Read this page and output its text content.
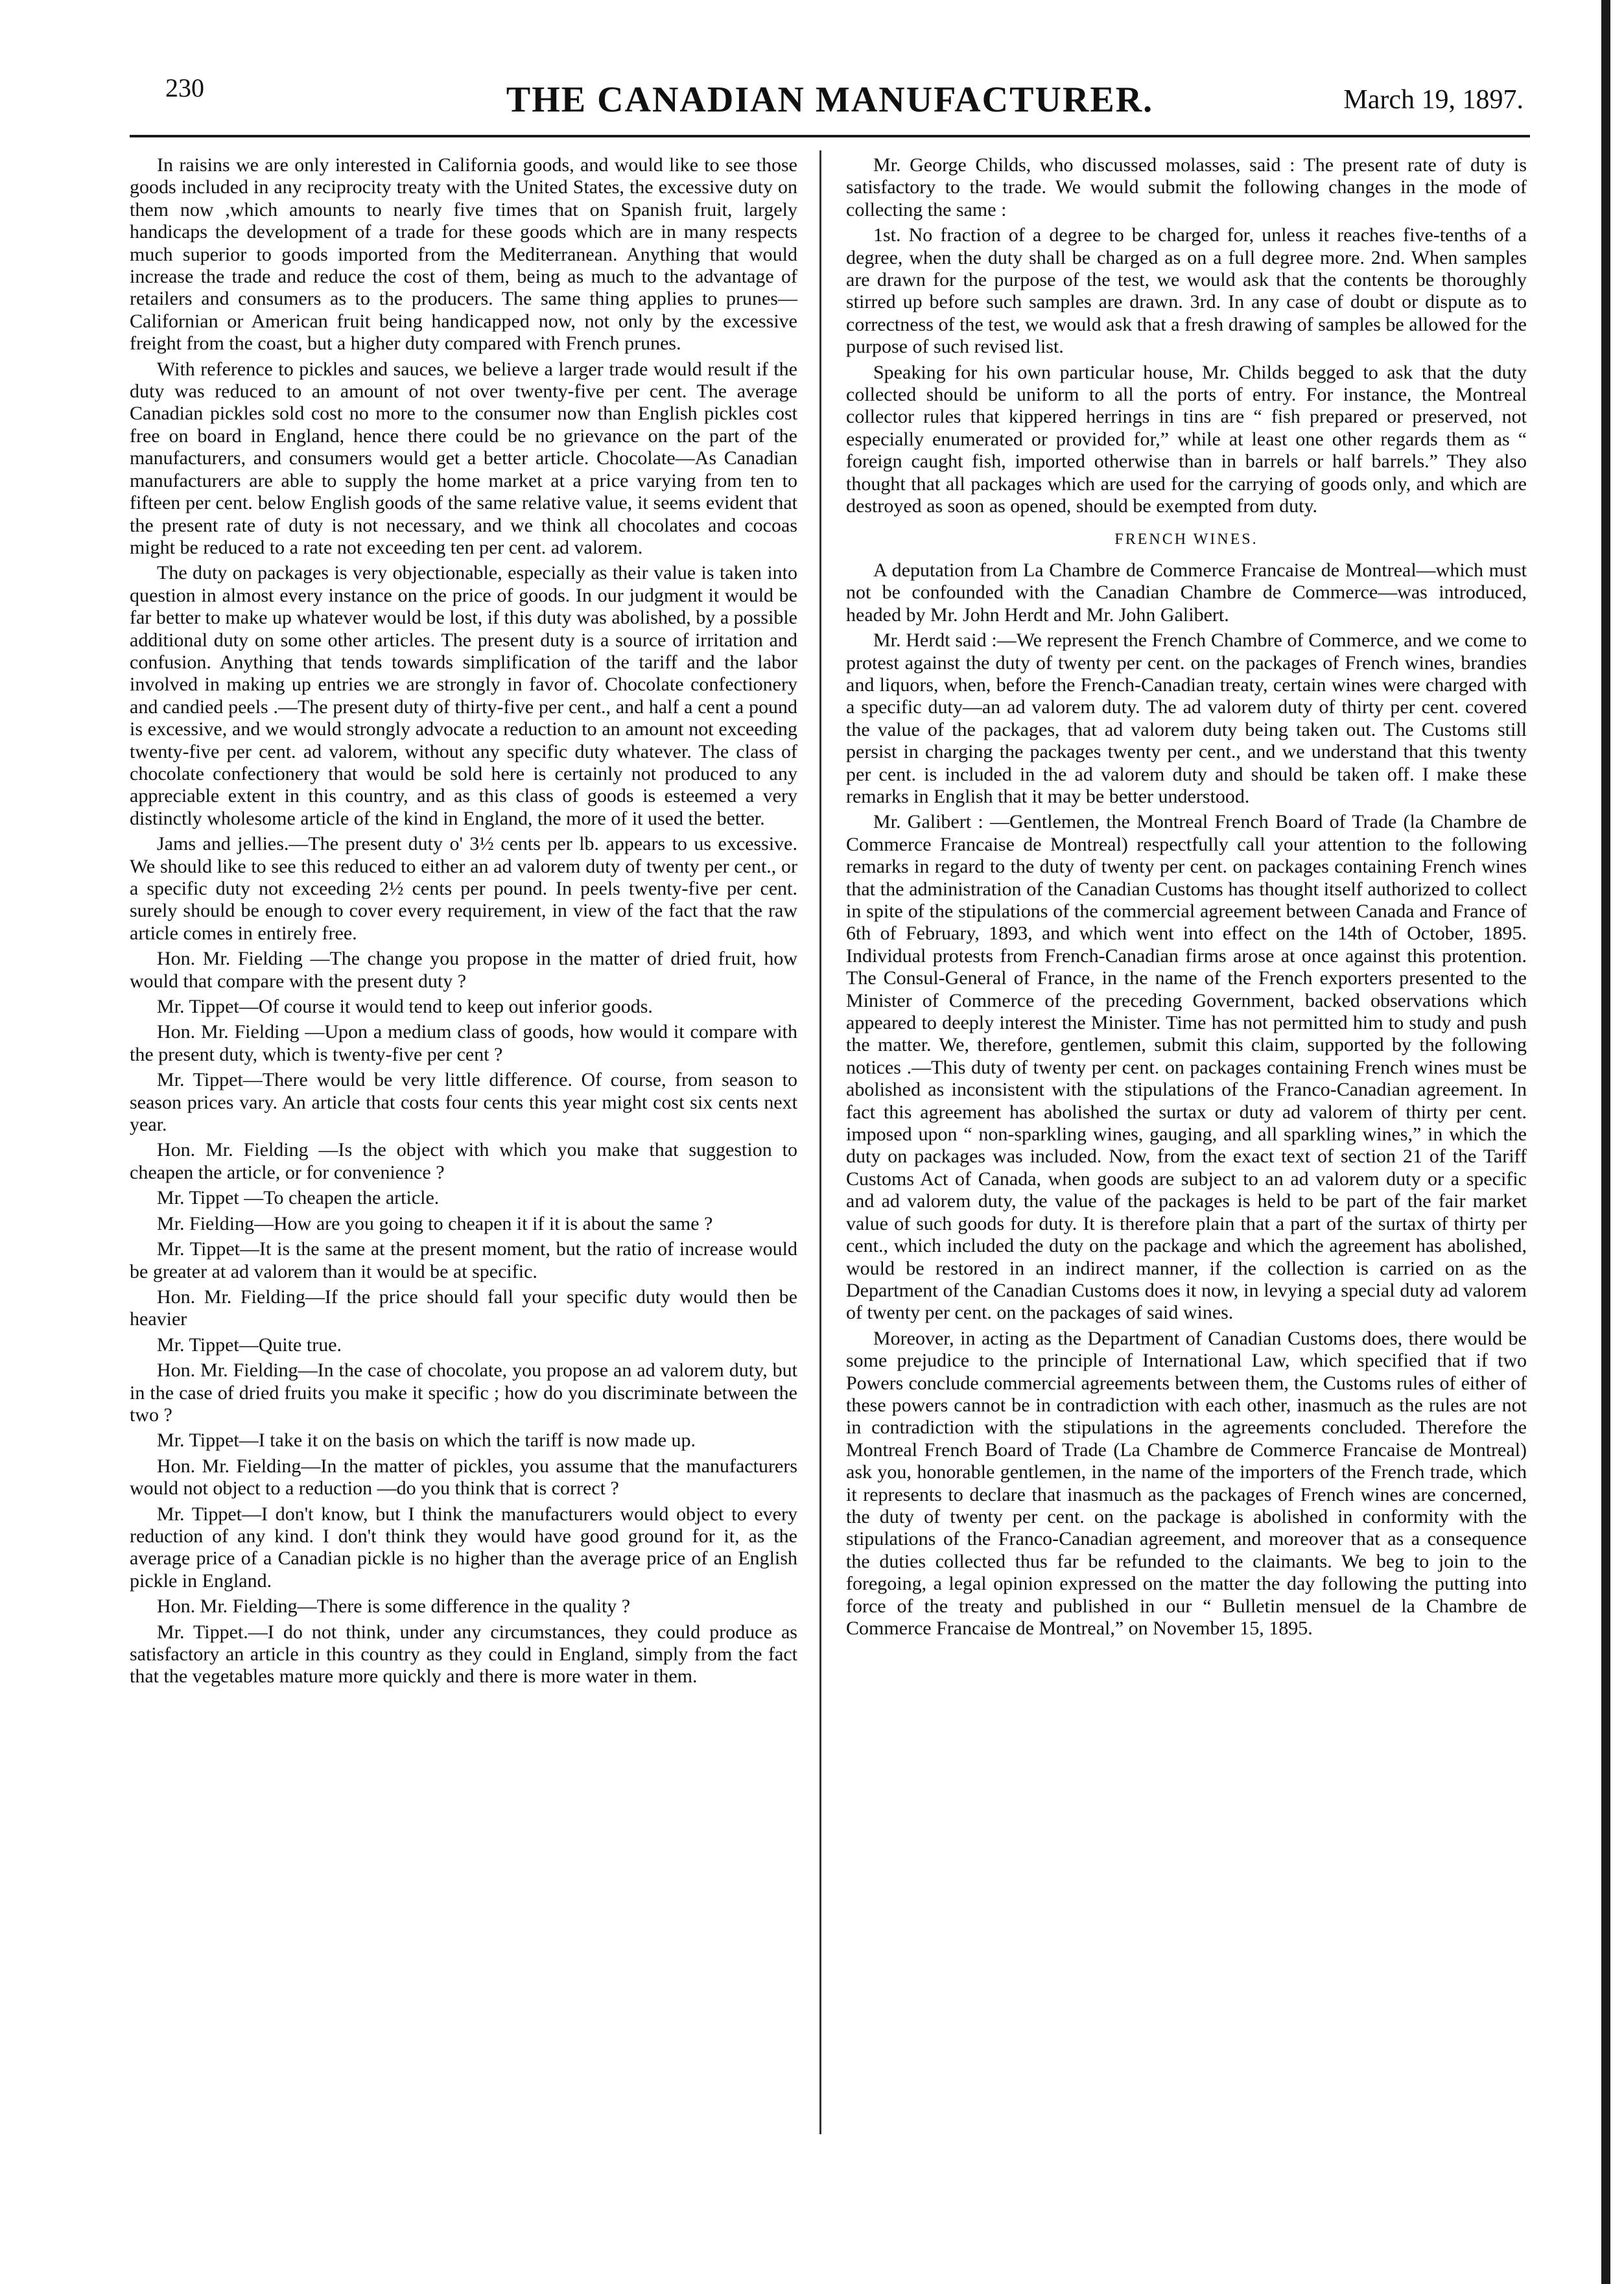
230	THE CANADIAN MANUFACTURER.	March 19, 1897.

In raisins we are only interested in California goods, and would like to see those goods included in any reciprocity treaty with the United States, the excessive duty on them now ,which amounts to nearly five times that on Spanish fruit, largely handicaps the development of a trade for these goods which are in many respects much superior to goods imported from the Mediterranean. Anything that would increase the trade and reduce the cost of them, being as much to the advantage of retailers and consumers as to the producers. The same thing applies to prunes—Californian or American fruit being handicapped now, not only by the excessive freight from the coast, but a higher duty compared with French prunes.

With reference to pickles and sauces, we believe a larger trade would result if the duty was reduced to an amount of not over twenty-five per cent. The average Canadian pickles sold cost no more to the consumer now than English pickles cost free on board in England, hence there could be no grievance on the part of the manufacturers, and consumers would get a better article. Chocolate—As Canadian manufacturers are able to supply the home market at a price varying from ten to fifteen per cent. below English goods of the same relative value, it seems evident that the present rate of duty is not necessary, and we think all chocolates and cocoas might be reduced to a rate not exceeding ten per cent. ad valorem.

The duty on packages is very objectionable, especially as their value is taken into question in almost every instance on the price of goods. In our judgment it would be far better to make up whatever would be lost, if this duty was abolished, by a possible additional duty on some other articles. The present duty is a source of irritation and confusion. Anything that tends towards simplification of the tariff and the labor involved in making up entries we are strongly in favor of. Chocolate confectionery and candied peels .—The present duty of thirty-five per cent., and half a cent a pound is excessive, and we would strongly advocate a reduction to an amount not exceeding twenty-five per cent. ad valorem, without any specific duty whatever. The class of chocolate confectionery that would be sold here is certainly not produced to any appreciable extent in this country, and as this class of goods is esteemed a very distinctly wholesome article of the kind in England, the more of it used the better.

Jams and jellies.—The present duty o' 3½ cents per lb. appears to us excessive. We should like to see this reduced to either an ad valorem duty of twenty per cent., or a specific duty not exceeding 2½ cents per pound. In peels twenty-five per cent. surely should be enough to cover every requirement, in view of the fact that the raw article comes in entirely free.

Hon. Mr. Fielding —The change you propose in the matter of dried fruit, how would that compare with the present duty ?

Mr. Tippet—Of course it would tend to keep out inferior goods.

Hon. Mr. Fielding —Upon a medium class of goods, how would it compare with the present duty, which is twenty-five per cent ?

Mr. Tippet—There would be very little difference. Of course, from season to season prices vary. An article that costs four cents this year might cost six cents next year.

Hon. Mr. Fielding —Is the object with which you make that suggestion to cheapen the article, or for convenience ?

Mr. Tippet —To cheapen the article.

Mr. Fielding—How are you going to cheapen it if it is about the same ?

Mr. Tippet—It is the same at the present moment, but the ratio of increase would be greater at ad valorem than it would be at specific.

Hon. Mr. Fielding—If the price should fall your specific duty would then be heavier

Mr. Tippet—Quite true.

Hon. Mr. Fielding—In the case of chocolate, you propose an ad valorem duty, but in the case of dried fruits you make it specific ; how do you discriminate between the two ?

Mr. Tippet—I take it on the basis on which the tariff is now made up.

Hon. Mr. Fielding—In the matter of pickles, you assume that the manufacturers would not object to a reduction —do you think that is correct ?

Mr. Tippet—I don't know, but I think the manufacturers would object to every reduction of any kind. I don't think they would have good ground for it, as the average price of a Canadian pickle is no higher than the average price of an English pickle in England.

Hon. Mr. Fielding—There is some difference in the quality ?

Mr. Tippet.—I do not think, under any circumstances, they could produce as satisfactory an article in this country as they could in England, simply from the fact that the vegetables mature more quickly and there is more water in them.

Mr. George Childs, who discussed molasses, said : The present rate of duty is satisfactory to the trade. We would submit the following changes in the mode of collecting the same :

1st. No fraction of a degree to be charged for, unless it reaches five-tenths of a degree, when the duty shall be charged as on a full degree more. 2nd. When samples are drawn for the purpose of the test, we would ask that the contents be thoroughly stirred up before such samples are drawn. 3rd. In any case of doubt or dispute as to correctness of the test, we would ask that a fresh drawing of samples be allowed for the purpose of such revised list.

Speaking for his own particular house, Mr. Childs begged to ask that the duty collected should be uniform to all the ports of entry. For instance, the Montreal collector rules that kippered herrings in tins are “ fish prepared or preserved, not especially enumerated or provided for,” while at least one other regards them as “ foreign caught fish, imported otherwise than in barrels or half barrels.” They also thought that all packages which are used for the carrying of goods only, and which are destroyed as soon as opened, should be exempted from duty.

FRENCH WINES.

A deputation from La Chambre de Commerce Francaise de Montreal—which must not be confounded with the Canadian Chambre de Commerce—was introduced, headed by Mr. John Herdt and Mr. John Galibert.

Mr. Herdt said :—We represent the French Chambre of Commerce, and we come to protest against the duty of twenty per cent. on the packages of French wines, brandies and liquors, when, before the French-Canadian treaty, certain wines were charged with a specific duty—an ad valorem duty. The ad valorem duty of thirty per cent. covered the value of the packages, that ad valorem duty being taken out. The Customs still persist in charging the packages twenty per cent., and we understand that this twenty per cent. is included in the ad valorem duty and should be taken off. I make these remarks in English that it may be better understood.

Mr. Galibert : —Gentlemen, the Montreal French Board of Trade (la Chambre de Commerce Francaise de Montreal) respectfully call your attention to the following remarks in regard to the duty of twenty per cent. on packages containing French wines that the administration of the Canadian Customs has thought itself authorized to collect in spite of the stipulations of the commercial agreement between Canada and France of 6th of February, 1893, and which went into effect on the 14th of October, 1895. Individual protests from French-Canadian firms arose at once against this protention. The Consul-General of France, in the name of the French exporters presented to the Minister of Commerce of the preceding Government, backed observations which appeared to deeply interest the Minister. Time has not permitted him to study and push the matter. We, therefore, gentlemen, submit this claim, supported by the following notices .—This duty of twenty per cent. on packages containing French wines must be abolished as inconsistent with the stipulations of the Franco-Canadian agreement. In fact this agreement has abolished the surtax or duty ad valorem of thirty per cent. imposed upon “ non-sparkling wines, gauging, and all sparkling wines,” in which the duty on packages was included. Now, from the exact text of section 21 of the Tariff Customs Act of Canada, when goods are subject to an ad valorem duty or a specific and ad valorem duty, the value of the packages is held to be part of the fair market value of such goods for duty. It is therefore plain that a part of the surtax of thirty per cent., which included the duty on the package and which the agreement has abolished, would be restored in an indirect manner, if the collection is carried on as the Department of the Canadian Customs does it now, in levying a special duty ad valorem of twenty per cent. on the packages of said wines.

Moreover, in acting as the Department of Canadian Customs does, there would be some prejudice to the principle of International Law, which specified that if two Powers conclude commercial agreements between them, the Customs rules of either of these powers cannot be in contradiction with each other, inasmuch as the rules are not in contradiction with the stipulations in the agreements concluded. Therefore the Montreal French Board of Trade (La Chambre de Commerce Francaise de Montreal) ask you, honorable gentlemen, in the name of the importers of the French trade, which it represents to declare that inasmuch as the packages of French wines are concerned, the duty of twenty per cent. on the package is abolished in conformity with the stipulations of the Franco-Canadian agreement, and moreover that as a consequence the duties collected thus far be refunded to the claimants. We beg to join to the foregoing, a legal opinion expressed on the matter the day following the putting into force of the treaty and published in our “ Bulletin mensuel de la Chambre de Commerce Francaise de Montreal,” on November 15, 1895.
